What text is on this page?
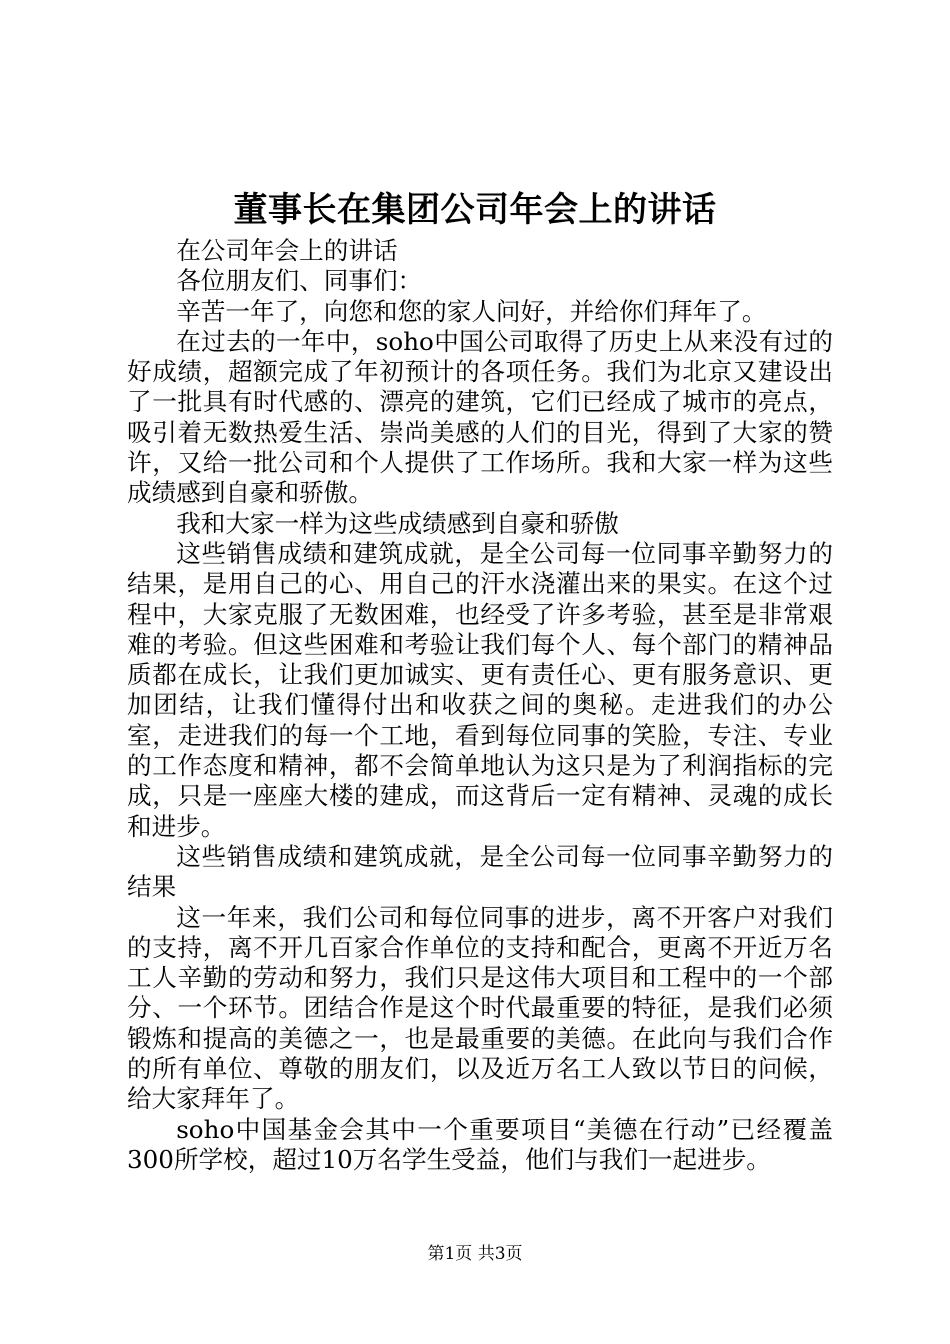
董事长在集团公司年会上的讲话

在公司年会上的讲话

各位朋友们、同事们：

辛苦一年了，向您和您的家人问好，并给你们拜年了。

在过去的一年中，soho中国公司取得了历史上从来没有过的好成绩，超额完成了年初预计的各项任务。我们为北京又建设出了一批具有时代感的、漂亮的建筑，它们已经成了城市的亮点，吸引着无数热爱生活、崇尚美感的人们的目光，得到了大家的赞许，又给一批公司和个人提供了工作场所。我和大家一样为这些成绩感到自豪和骄傲。

我和大家一样为这些成绩感到自豪和骄傲

这些销售成绩和建筑成就，是全公司每一位同事辛勤努力的结果，是用自己的心、用自己的汗水浇灌出来的果实。在这个过程中，大家克服了无数困难，也经受了许多考验，甚至是非常艰难的考验。但这些困难和考验让我们每个人、每个部门的精神品质都在成长，让我们更加诚实、更有责任心、更有服务意识、更加团结，让我们懂得付出和收获之间的奥秘。走进我们的办公室，走进我们的每一个工地，看到每位同事的笑脸，专注、专业的工作态度和精神，都不会简单地认为这只是为了利润指标的完成，只是一座座大楼的建成，而这背后一定有精神、灵魂的成长和进步。

这些销售成绩和建筑成就，是全公司每一位同事辛勤努力的结果

这一年来，我们公司和每位同事的进步，离不开客户对我们的支持，离不开几百家合作单位的支持和配合，更离不开近万名工人辛勤的劳动和努力，我们只是这伟大项目和工程中的一个部分、一个环节。团结合作是这个时代最重要的特征，是我们必须锻炼和提高的美德之一，也是最重要的美德。在此向与我们合作的所有单位、尊敬的朋友们，以及近万名工人致以节日的问候，给大家拜年了。

soho中国基金会其中一个重要项目“美德在行动”已经覆盖300所学校，超过10万名学生受益，他们与我们一起进步。

第1页 共3页
